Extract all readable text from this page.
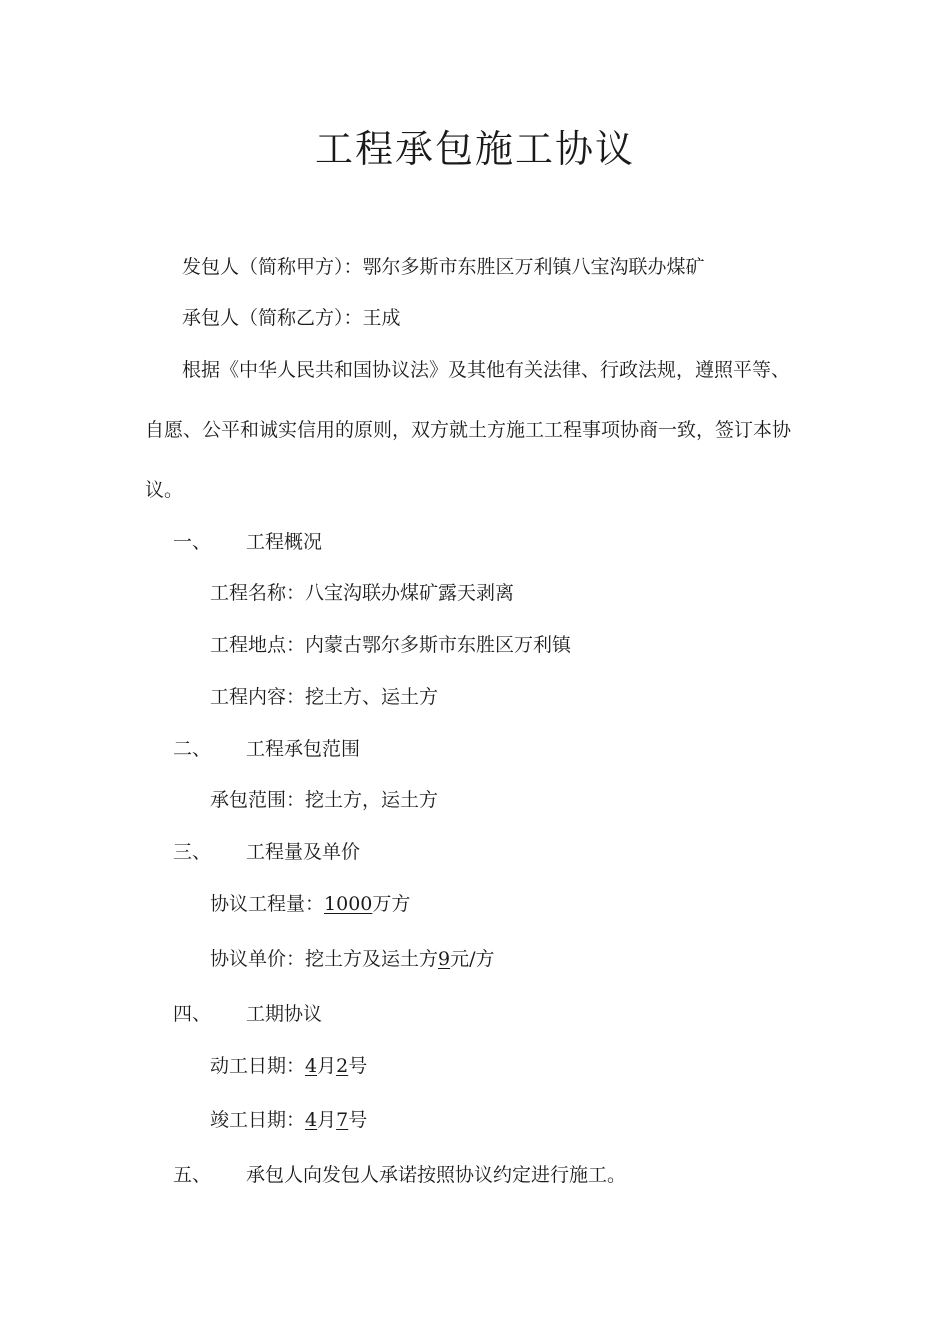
工程承包施工协议
发包人（简称甲方）：鄂尔多斯市东胜区万利镇八宝沟联办煤矿
承包人（简称乙方）：王成
根据《中华人民共和国协议法》及其他有关法律、行政法规，遵照平等、
自愿、公平和诚实信用的原则，双方就土方施工工程事项协商一致，签订本协
议。
一、 工程概况
工程名称：八宝沟联办煤矿露天剥离
工程地点：内蒙古鄂尔多斯市东胜区万利镇
工程内容：挖土方、运土方
二、 工程承包范围
承包范围：挖土方，运土方
三、 工程量及单价
协议工程量：1000万方
协议单价：挖土方及运土方9元/方
四、 工期协议
动工日期：4月2号
竣工日期：4月7号
五、 承包人向发包人承诺按照协议约定进行施工。
